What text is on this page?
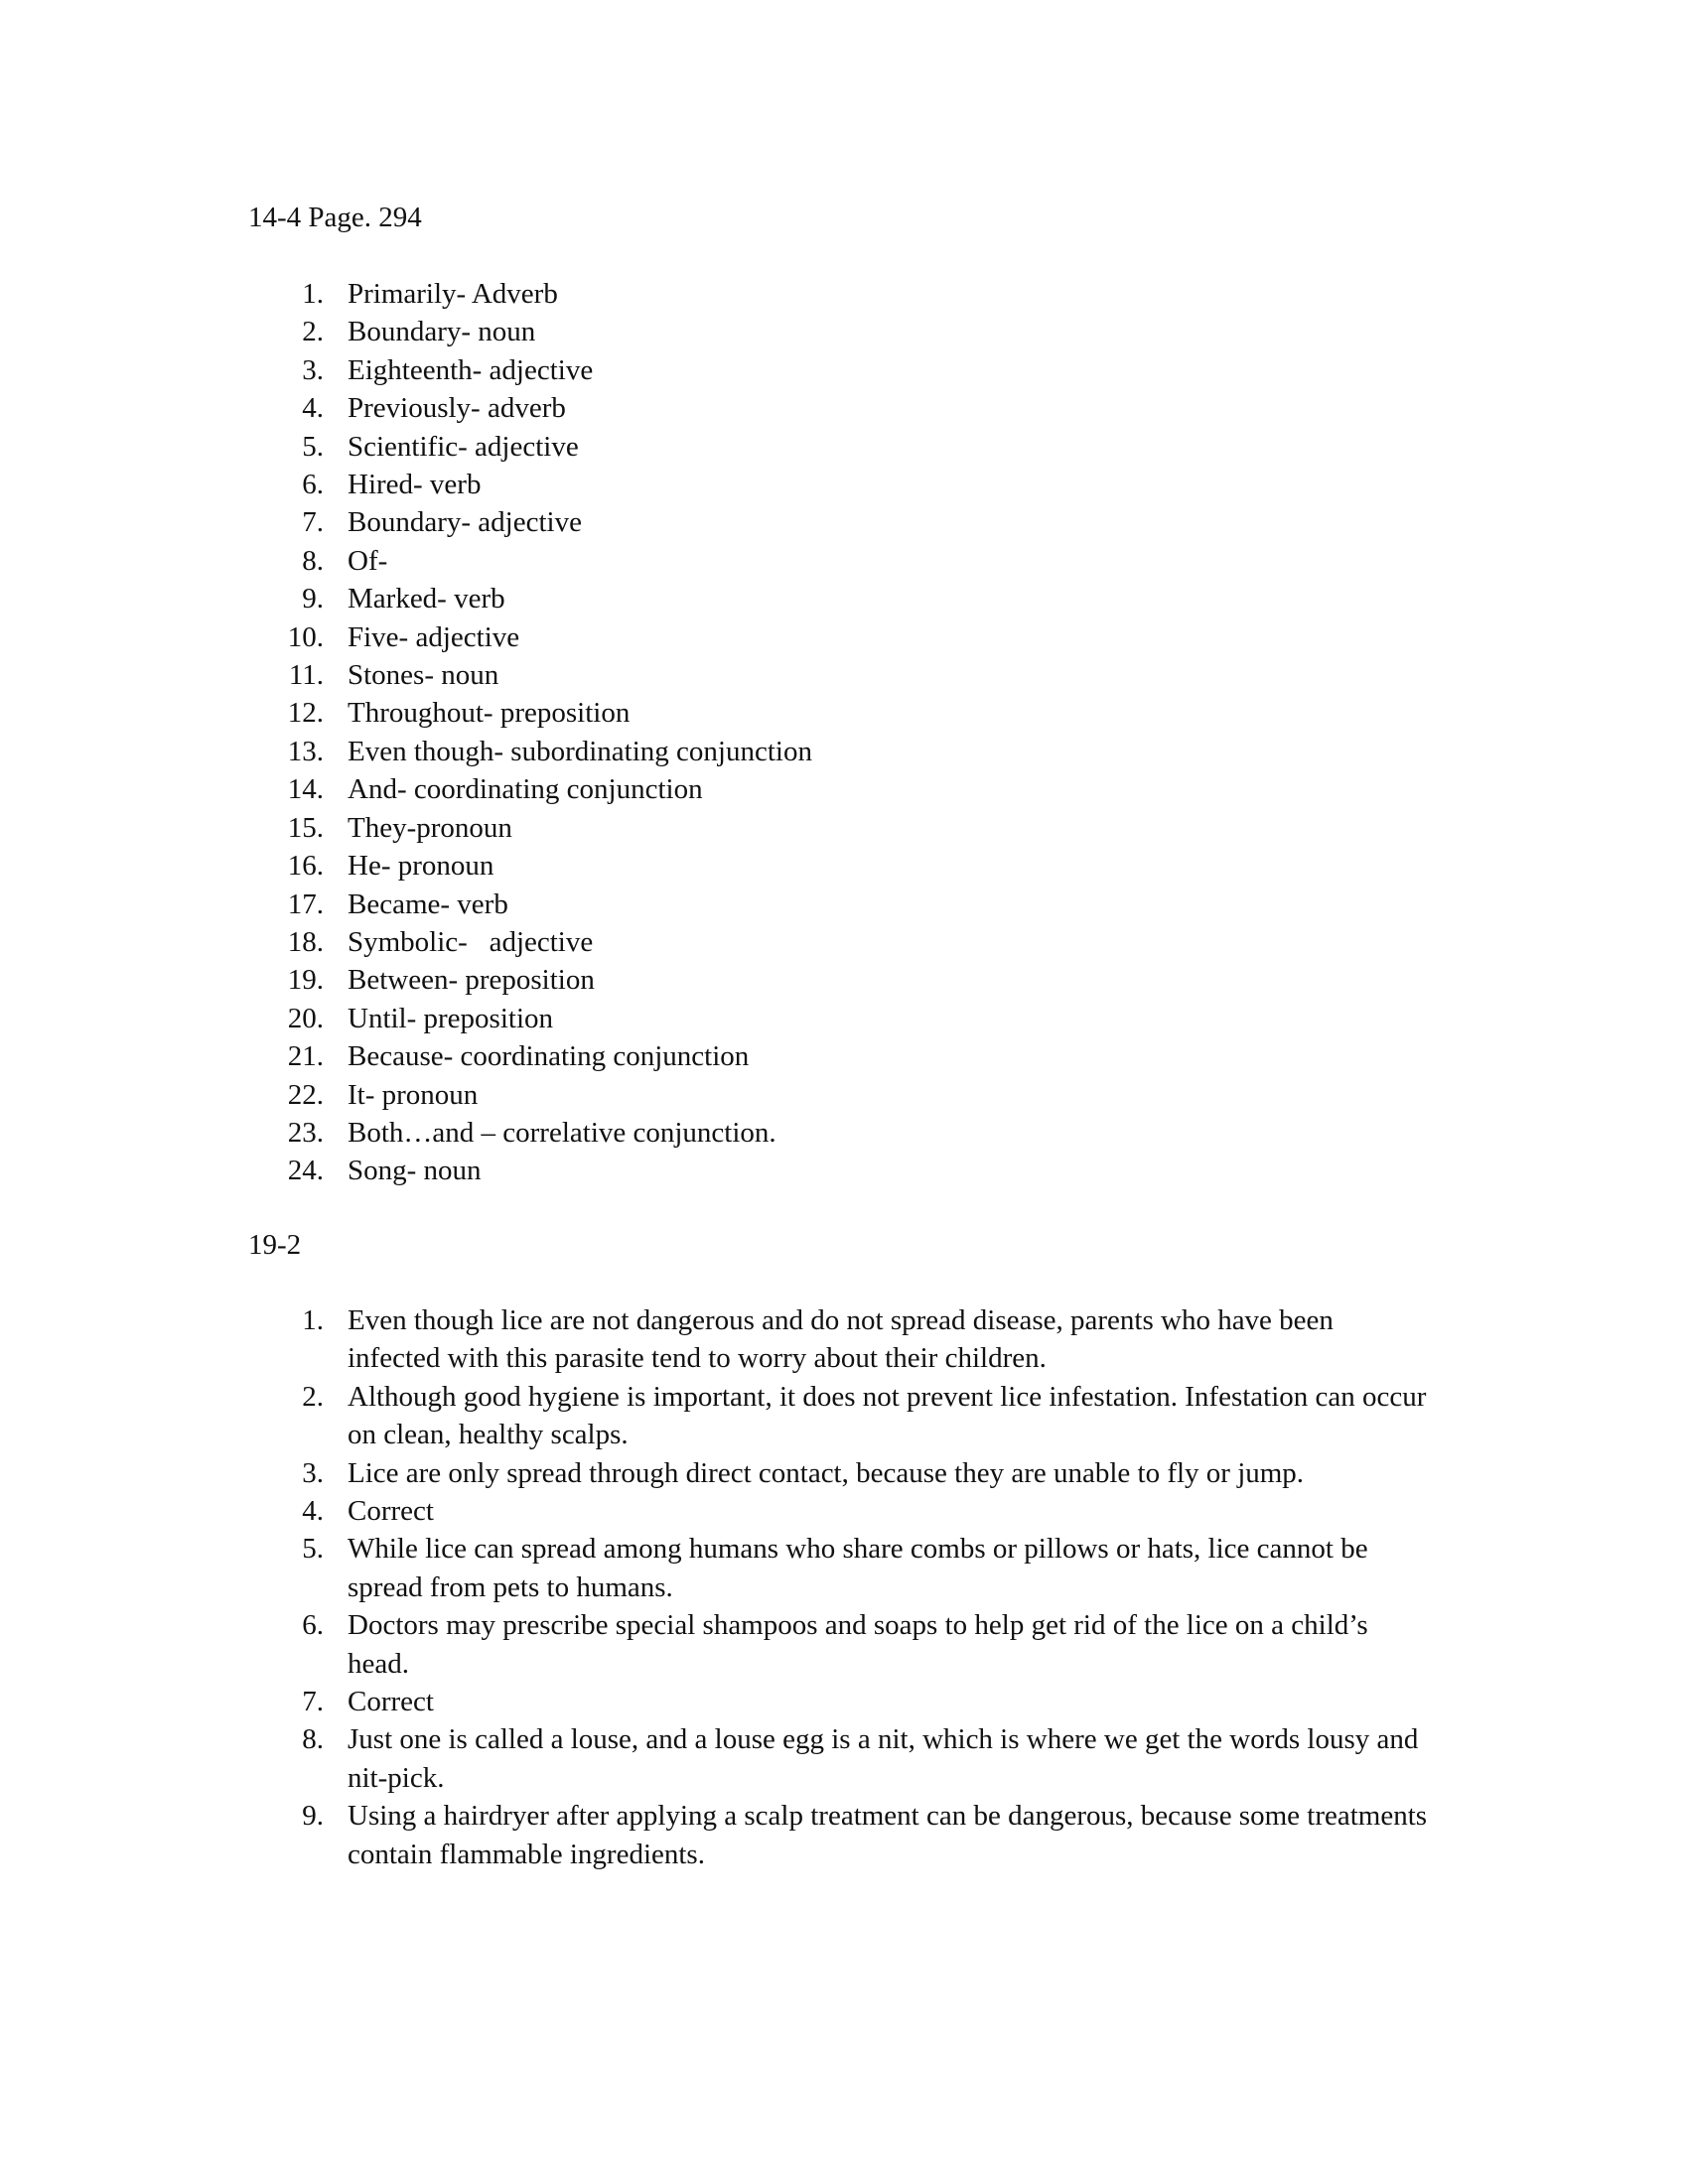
14-4 Page. 294

1. Primarily- Adverb
2. Boundary- noun
3. Eighteenth- adjective
4. Previously- adverb
5. Scientific- adjective
6. Hired- verb
7. Boundary- adjective
8. Of-
9. Marked- verb
10. Five- adjective
11. Stones- noun
12. Throughout- preposition
13. Even though- subordinating conjunction
14. And- coordinating conjunction
15. They-pronoun
16. He- pronoun
17. Became- verb
18. Symbolic-   adjective
19. Between- preposition
20. Until- preposition
21. Because- coordinating conjunction
22. It- pronoun
23. Both…and – correlative conjunction.
24. Song- noun

19-2

1. Even though lice are not dangerous and do not spread disease, parents who have been infected with this parasite tend to worry about their children.
2. Although good hygiene is important, it does not prevent lice infestation. Infestation can occur on clean, healthy scalps.
3. Lice are only spread through direct contact, because they are unable to fly or jump.
4. Correct
5. While lice can spread among humans who share combs or pillows or hats, lice cannot be spread from pets to humans.
6. Doctors may prescribe special shampoos and soaps to help get rid of the lice on a child’s head.
7. Correct
8. Just one is called a louse, and a louse egg is a nit, which is where we get the words lousy and nit-pick.
9. Using a hairdryer after applying a scalp treatment can be dangerous, because some treatments contain flammable ingredients.
